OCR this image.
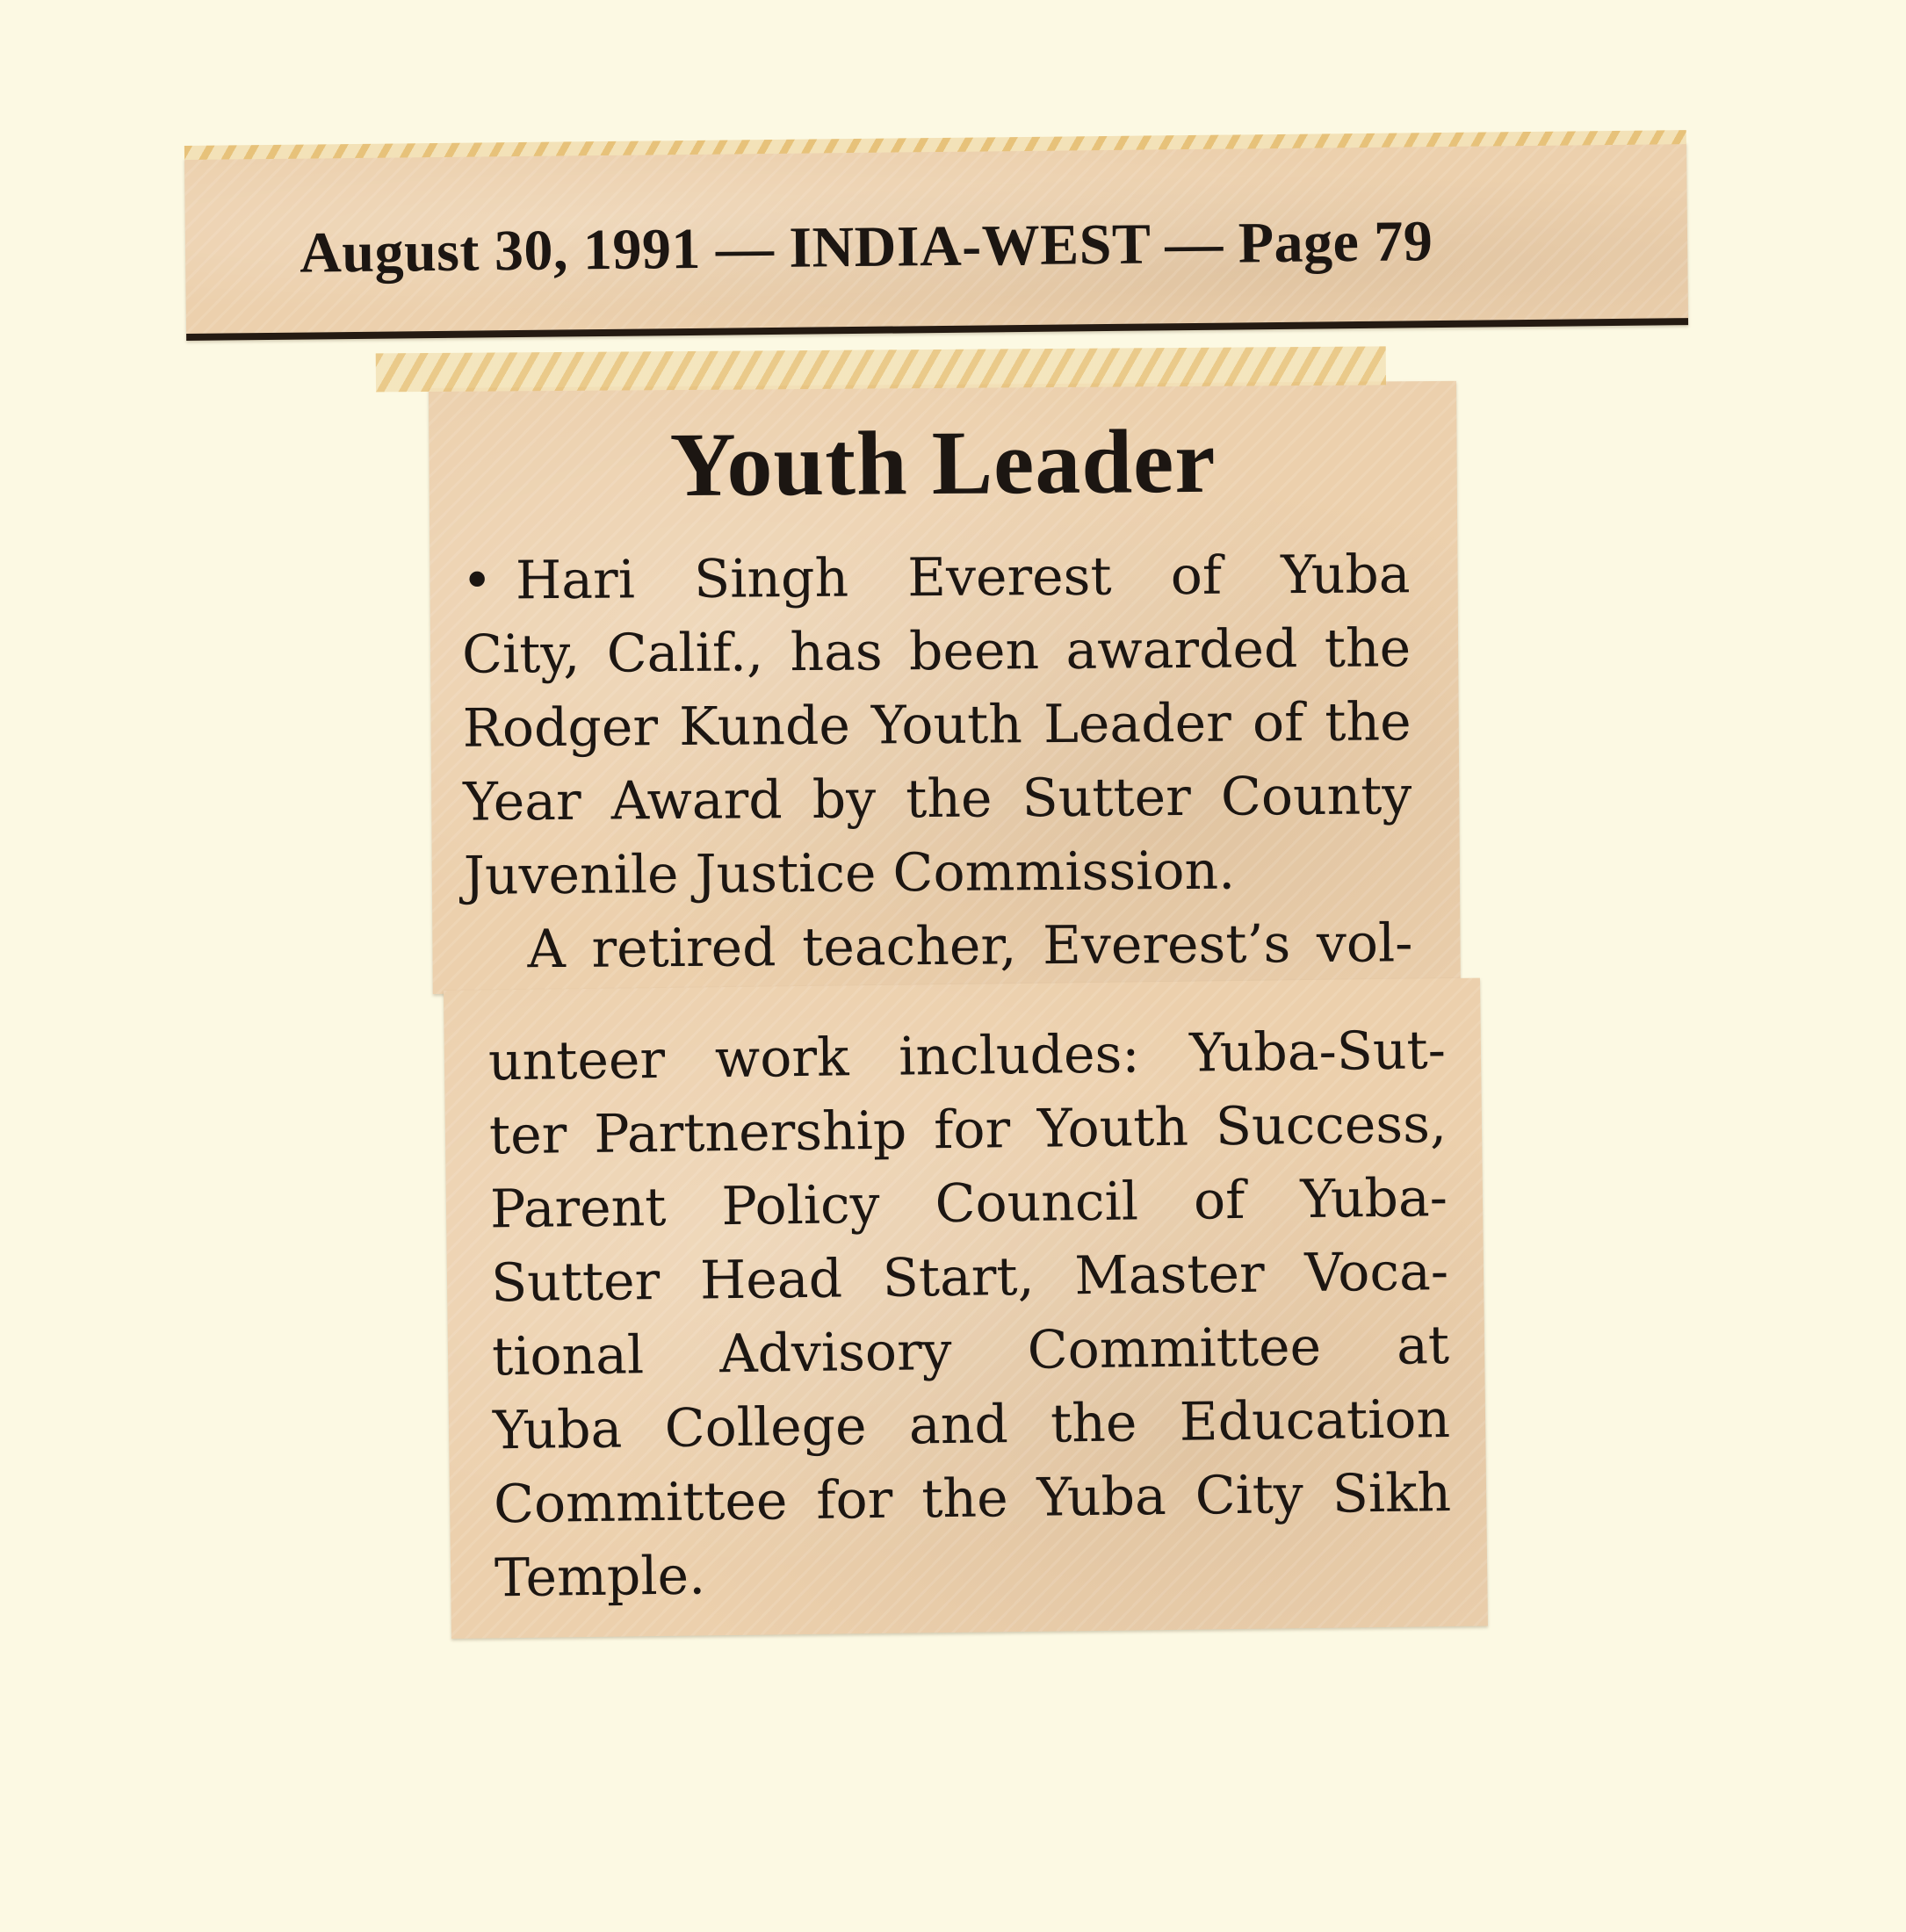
August 30, 1991 — INDIA-WEST — Page 79
Youth Leader
• Hari Singh Everest of Yuba
City, Calif., has been awarded the
Rodger Kunde Youth Leader of the
Year Award by the Sutter County
Juvenile Justice Commission.
A retired teacher, Everest’s vol-
unteer work includes: Yuba-Sut-
ter Partnership for Youth Success,
Parent Policy Council of Yuba-
Sutter Head Start, Master Voca-
tional Advisory Committee at
Yuba College and the Education
Committee for the Yuba City Sikh
Temple.
